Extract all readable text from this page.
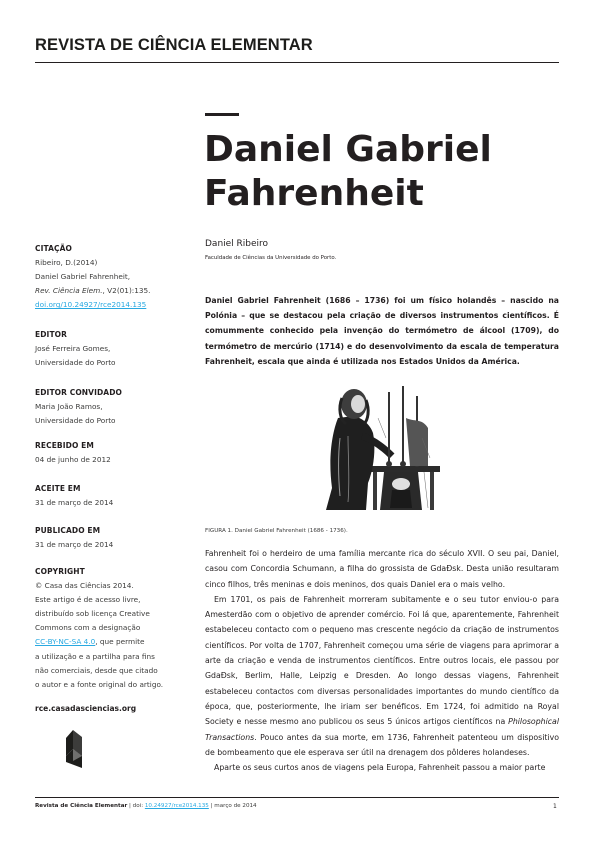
REVISTA DE CIÊNCIA ELEMENTAR
Daniel Gabriel
Fahrenheit
Daniel Ribeiro
Faculdade de Ciências da Universidade do Porto.
Daniel Gabriel Fahrenheit (1686 – 1736) foi um físico holandês – nascido na Polónia – que se destacou pela criação de diversos instrumentos científicos. É comummente conhecido pela invenção do termómetro de álcool (1709), do termómetro de mercúrio (1714) e do desenvolvimento da escala de temperatura Fahrenheit, escala que ainda é utilizada nos Estados Unidos da América.
CITAÇÃO
Ribeiro, D.(2014)
Daniel Gabriel Fahrenheit,
Rev. Ciência Elem., V2(01):135.
doi.org/10.24927/rce2014.135
EDITOR
José Ferreira Gomes,
Universidade do Porto
EDITOR CONVIDADO
Maria João Ramos,
Universidade do Porto
RECEBIDO EM
04 de junho de 2012
ACEITE EM
31 de março de 2014
PUBLICADO EM
31 de março de 2014
COPYRIGHT
© Casa das Ciências 2014.
Este artigo é de acesso livre,
distribuído sob licença Creative
Commons com a designação
CC-BY-NC-SA 4.0, que permite
a utilização e a partilha para fins
não comerciais, desde que citado
o autor e a fonte original do artigo.
rce.casadasciencias.org
FIGURA 1. Daniel Gabriel Fahrenheit (1686 - 1736).

Fahrenheit foi o herdeiro de uma família mercante rica do século XVII. O seu pai, Daniel, casou com Concordia Schumann, a filha do grossista de GdaĐsk. Desta união resultaram cinco filhos, três meninas e dois meninos, dos quais Daniel era o mais velho.

Em 1701, os pais de Fahrenheit morreram subitamente e o seu tutor enviou-o para Amesterdão com o objetivo de aprender comércio. Foi lá que, aparentemente, Fahrenheit estabeleceu contacto com o pequeno mas crescente negócio da criação de instrumentos científicos. Por volta de 1707, Fahrenheit começou uma série de viagens para aprimorar a arte da criação e venda de instrumentos científicos. Entre outros locais, ele passou por GdaĐsk, Berlim, Halle, Leipzig e Dresden. Ao longo dessas viagens, Fahrenheit estabeleceu contactos com diversas personalidades importantes do mundo científico da época, que, posteriormente, lhe iriam ser benéficos. Em 1724, foi admitido na Royal Society e nesse mesmo ano publicou os seus 5 únicos artigos científicos na Philosophical Transactions. Pouco antes da sua morte, em 1736, Fahrenheit patenteou um dispositivo de bombeamento que ele esperava ser útil na drenagem dos pôlderes holandeses.

Aparte os seus curtos anos de viagens pela Europa, Fahrenheit passou a maior parte

Revista de Ciência Elementar | doi: 10.24927/rce2014.135 | março de 2014	1
